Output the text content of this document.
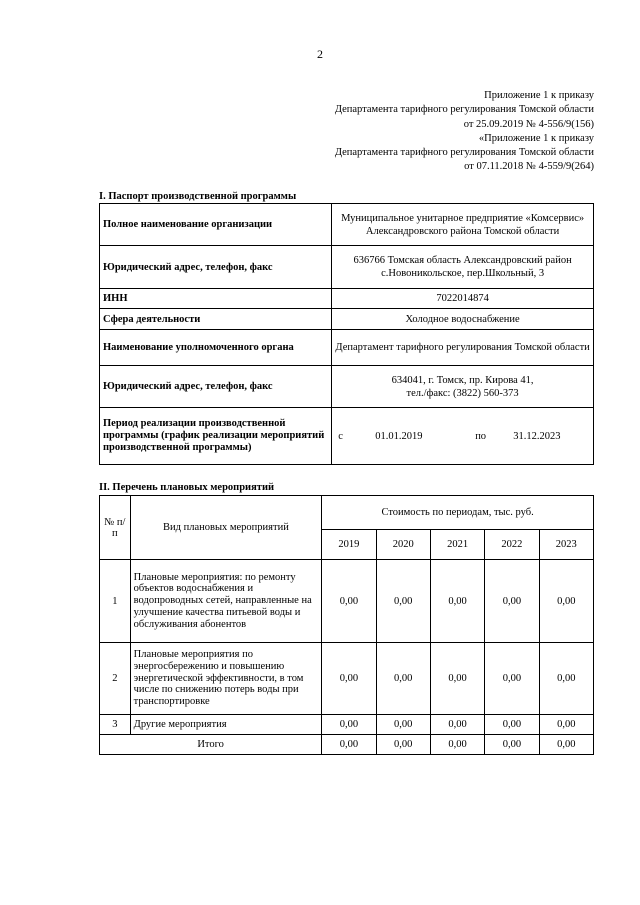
2
Приложение 1 к приказу
Департамента тарифного регулирования Томской области
от 25.09.2019 № 4-556/9(156)
«Приложение 1 к приказу
Департамента тарифного регулирования Томской области
от 07.11.2018 № 4-559/9(264)
I. Паспорт производственной программы
Полное наименование организации	Муниципальное унитарное предприятие «Комсервис» Александровского района Томской области
Юридический адрес, телефон, факс	636766 Томская область Александровский район с.Новоникольское, пер.Школьный, 3
ИНН	7022014874
Сфера деятельности	Холодное водоснабжение
Наименование уполномоченного органа	Департамент тарифного регулирования Томской области
Юридический адрес, телефон, факс	634041, г. Томск, пр. Кирова 41,
тел./факс: (3822) 560-373

Период реализации производственной программы (график реализации мероприятий производственной программы)	с 01.01.2019 по 31.12.2023
II. Перечень плановых мероприятий
№ п/п	Вид плановых мероприятий	Стоимость по периодам, тыс. руб.				
		2019	2020	2021	2022	2023
1	Плановые мероприятия: по ремонту объектов водоснабжения и водопроводных сетей, направленные на улучшение качества питьевой воды и обслуживания абонентов	0,00	0,00	0,00	0,00	0,00
2	Плановые мероприятия по энергосбережению и повышению энергетической эффективности, в том числе по снижению потерь воды при транспортировке	0,00	0,00	0,00	0,00	0,00
3	Другие мероприятия	0,00	0,00	0,00	0,00	0,00
Итого		0,00	0,00	0,00	0,00	0,00
